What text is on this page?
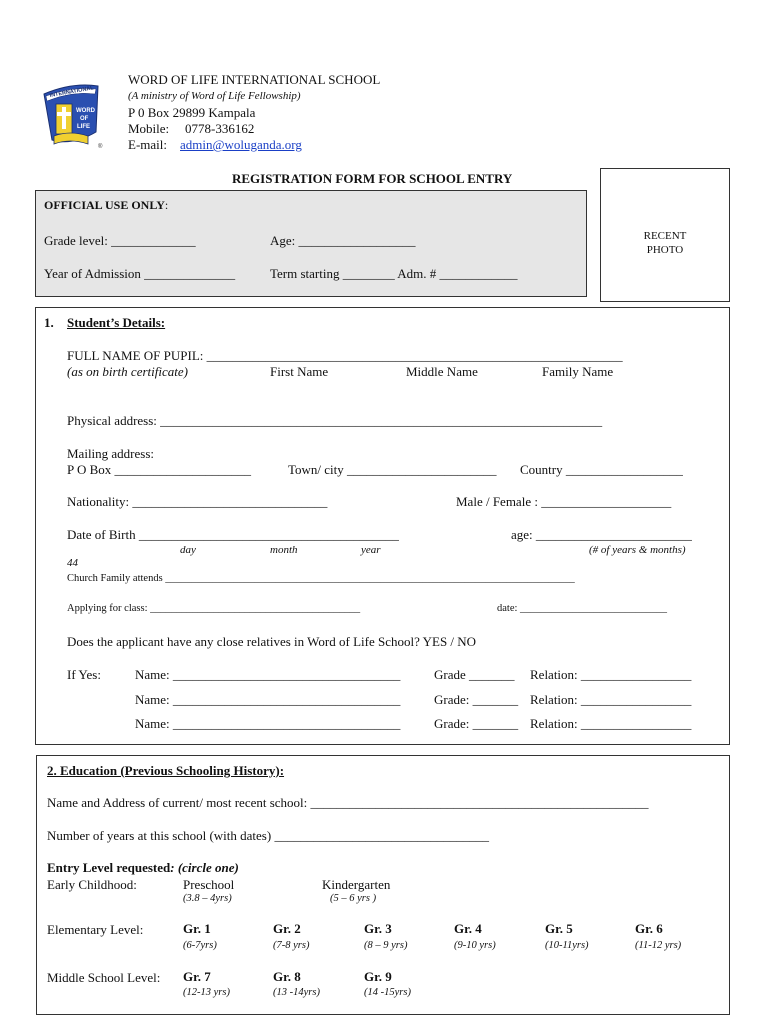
INTERNATIONAL
WORD
OF
LIFE
®
WORD OF LIFE INTERNATIONAL SCHOOL
(A ministry of Word of Life Fellowship)
P 0 Box 29899 Kampala
Mobile: 0778-336162
E-mail: admin@woluganda.org
REGISTRATION FORM FOR SCHOOL ENTRY
OFFICIAL USE ONLY:
Grade level: _____________	Age: __________________
Year of Admission ______________	Term starting ________ Adm. # ____________
RECENT
PHOTO
1. Student’s Details:
FULL NAME OF PUPIL: ________________________________________________________________
(as on birth certificate)	First Name	Middle Name	Family Name
Physical address: ____________________________________________________________________
Mailing address:
P O Box _____________________	Town/ city _______________________ Country __________________
Nationality: ______________________________	Male / Female : ____________________
Date of Birth ________________________________________	age: ________________________
day	month	year	(# of years & months)
44
Church Family attends ______________________________________________________________________________
Applying for class: ________________________________________	date: ____________________________
Does the applicant have any close relatives in Word of Life School? YES / NO
If Yes:	Name: ___________________________________	Grade _______ Relation: _________________
Name: ___________________________________	Grade: _______ Relation: _________________
Name: ___________________________________	Grade: _______ Relation: _________________
2. Education (Previous Schooling History):
Name and Address of current/ most recent school: ____________________________________________________
Number of years at this school (with dates) _________________________________
Entry Level requested: (circle one)
Early Childhood:	Preschool
(3.8 – 4yrs)
Kindergarten
(5 – 6 yrs )
Elementary Level:	Gr. 1
(6-7yrs)
Gr. 2
(7-8 yrs)
Gr. 3
(8 – 9 yrs)
Gr. 4
(9-10 yrs)
Gr. 5
(10-11yrs)
Gr. 6
(11-12 yrs)
Middle School Level: Gr. 7
(12-13 yrs)
Gr. 8
(13 -14yrs)
Gr. 9
(14 -15yrs)
